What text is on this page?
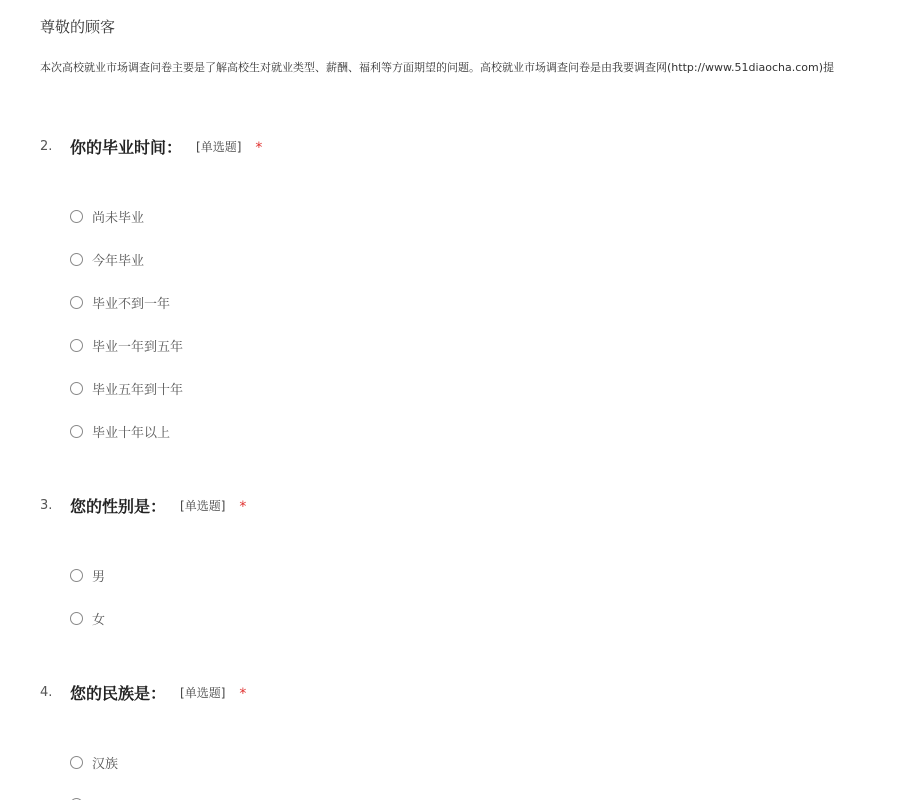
尊敬的顾客
本次高校就业市场调查问卷主要是了解高校生对就业类型、薪酬、福利等方面期望的问题。高校就业市场调查问卷是由我要调查网(http://www.51diaocha.com)提
2. 你的毕业时间： [单选题] *
尚未毕业
今年毕业
毕业不到一年
毕业一年到五年
毕业五年到十年
毕业十年以上
3. 您的性别是： [单选题] *
男
女
4. 您的民族是： [单选题] *
汉族
